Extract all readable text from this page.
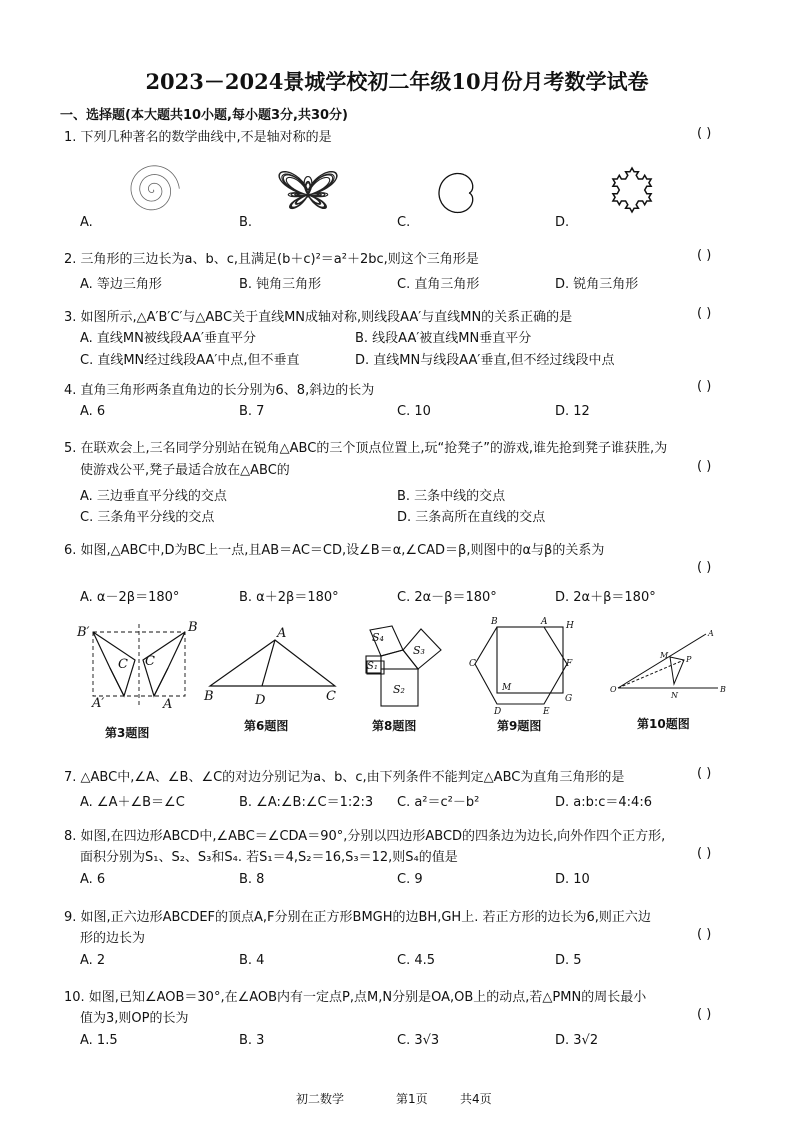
2023－2024景城学校初二年级10月份月考数学试卷
一、选择题(本大题共10小题,每小题3分,共30分)
1. 下列几种著名的数学曲线中,不是轴对称的是	( )
A.	B.	C.	D.
2. 三角形的三边长为a、b、c,且满足(b＋c)²＝a²＋2bc,则这个三角形是	( )
A. 等边三角形	B. 钝角三角形	C. 直角三角形	D. 锐角三角形
3. 如图所示,△A′B′C′与△ABC关于直线MN成轴对称,则线段AA′与直线MN的关系正确的是	( )
A. 直线MN被线段AA′垂直平分	B. 线段AA′被直线MN垂直平分
C. 直线MN经过线段AA′中点,但不垂直	D. 直线MN与线段AA′垂直,但不经过线段中点
4. 直角三角形两条直角边的长分别为6、8,斜边的长为	( )
A. 6	B. 7	C. 10	D. 12
5. 在联欢会上,三名同学分别站在锐角△ABC的三个顶点位置上,玩“抢凳子”的游戏,谁先抢到凳子谁获胜,为
使游戏公平,凳子最适合放在△ABC的	( )
A. 三边垂直平分线的交点	B. 三条中线的交点
C. 三条角平分线的交点	D. 三条高所在直线的交点
6. 如图,△ABC中,D为BC上一点,且AB＝AC＝CD,设∠B＝α,∠CAD＝β,则图中的α与β的关系为
( )
A. α－2β＝180°	B. α＋2β＝180°	C. 2α－β＝180°	D. 2α＋β＝180°
B′	B
C C
A′	A
A
B	D	C
S₄
S₃
S₁
S₂
B	A H
C	F
M
D	E
G
A
M P
O
N
B
第3题图	第6题图	第8题图	第9题图	第10题图
7. △ABC中,∠A、∠B、∠C的对边分别记为a、b、c,由下列条件不能判定△ABC为直角三角形的是	( )
A. ∠A＋∠B＝∠C	B. ∠A:∠B:∠C＝1:2:3 C. a²＝c²－b²	D. a:b:c＝4:4:6
8. 如图,在四边形ABCD中,∠ABC＝∠CDA＝90°,分别以四边形ABCD的四条边为边长,向外作四个正方形,
面积分别为S₁、S₂、S₃和S₄. 若S₁＝4,S₂＝16,S₃＝12,则S₄的值是	( )
A. 6	B. 8	C. 9	D. 10
9. 如图,正六边形ABCDEF的顶点A,F分别在正方形BMGH的边BH,GH上. 若正方形的边长为6,则正六边
形的边长为	( )
A. 2	B. 4	C. 4.5	D. 5
10. 如图,已知∠AOB＝30°,在∠AOB内有一定点P,点M,N分别是OA,OB上的动点,若△PMN的周长最小
值为3,则OP的长为	( )
A. 1.5	B. 3	C. 3√3	D. 3√2
初二数学	第1页	共4页
